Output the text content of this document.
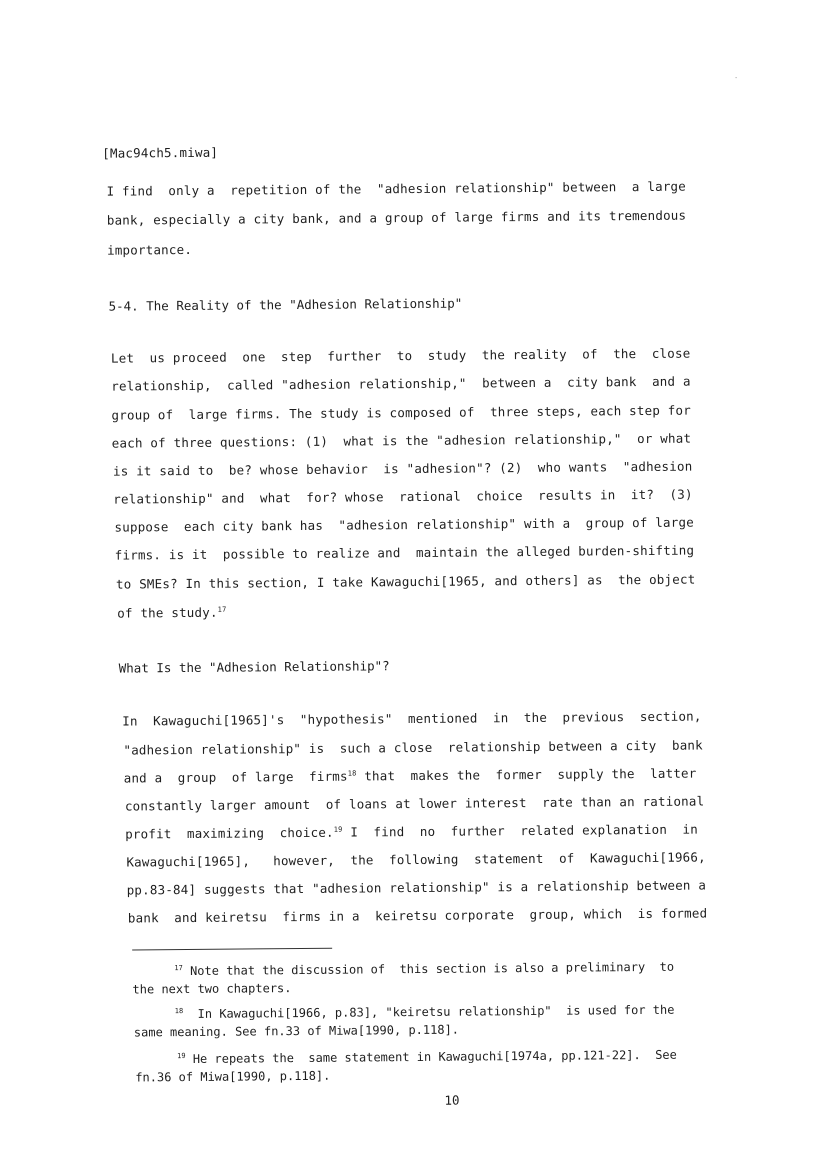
[Mac94ch5.miwa]
I find  only a  repetition of the  "adhesion relationship" between  a large
bank, especially a city bank, and a group of large firms and its tremendous
importance.
5-4. The Reality of the "Adhesion Relationship"
Let  us proceed  one  step  further  to  study  the reality  of  the  close
relationship,  called "adhesion relationship,"  between a  city bank  and a
group of  large firms. The study is composed of  three steps, each step for
each of three questions: (1)  what is the "adhesion relationship,"  or what
is it said to  be? whose behavior  is "adhesion"? (2)  who wants  "adhesion
relationship" and  what  for? whose  rational  choice  results in  it?  (3)
suppose  each city bank has  "adhesion relationship" with a  group of large
firms. is it  possible to realize and  maintain the alleged burden-shifting
to SMEs? In this section, I take Kawaguchi[1965, and others] as  the object
of the study.$^{17}$
What Is the "Adhesion Relationship"?
In  Kawaguchi[1965]'s  "hypothesis"  mentioned  in  the  previous  section,
"adhesion relationship" is  such a close  relationship between a city  bank
and a  group  of large  firms$^{18}$ that  makes the  former  supply the  latter
constantly larger amount  of loans at lower interest  rate than an rational
profit  maximizing  choice.$^{19}$ I  find  no  further  related explanation  in
Kawaguchi[1965],   however,  the  following  statement  of  Kawaguchi[1966,
pp.83-84] suggests that "adhesion relationship" is a relationship between a
bank  and keiretsu  firms in a  keiretsu corporate  group, which  is formed
$^{17}$ Note that the discussion of  this section is also a preliminary  to
the next two chapters.
$^{18}$ In Kawaguchi[1966, p.83], "keiretsu relationship"  is used for the
same meaning. See fn.33 of Miwa[1990, p.118].
$^{19}$ He repeats the  same statement in Kawaguchi[1974a, pp.121-22].  See
fn.36 of Miwa[1990, p.118].
10
